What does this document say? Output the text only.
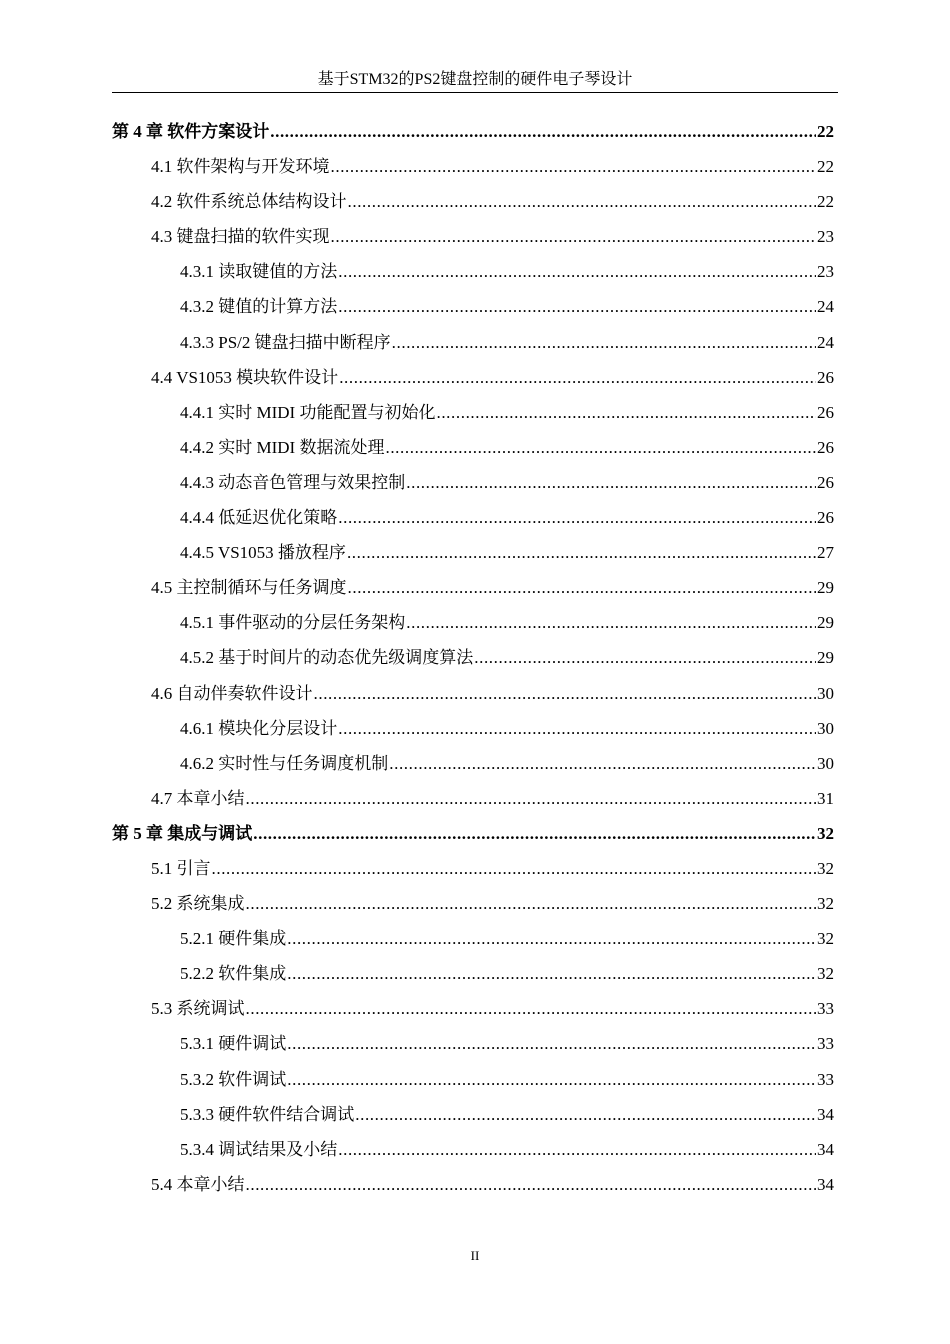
基于STM32的PS2键盘控制的硬件电子琴设计
第 4 章 软件方案设计 .....	22
4.1 软件架构与开发环境 .....	22
4.2 软件系统总体结构设计 .....	22
4.3 键盘扫描的软件实现 .....	23
4.3.1 读取键值的方法 .....	23
4.3.2 键值的计算方法 .....	24
4.3.3 PS/2 键盘扫描中断程序 .....	24
4.4 VS1053 模块软件设计 .....	26
4.4.1 实时 MIDI 功能配置与初始化 .....	26
4.4.2 实时 MIDI 数据流处理 .....	26
4.4.3 动态音色管理与效果控制 .....	26
4.4.4 低延迟优化策略 .....	26
4.4.5 VS1053 播放程序 .....	27
4.5 主控制循环与任务调度 .....	29
4.5.1 事件驱动的分层任务架构 .....	29
4.5.2 基于时间片的动态优先级调度算法 .....	29
4.6 自动伴奏软件设计 .....	30
4.6.1 模块化分层设计 .....	30
4.6.2 实时性与任务调度机制 .....	30
4.7 本章小结 .....	31
第 5 章 集成与调试 .....	32
5.1 引言 .....	32
5.2 系统集成 .....	32
5.2.1 硬件集成 .....	32
5.2.2 软件集成 .....	32
5.3 系统调试 .....	33
5.3.1 硬件调试 .....	33
5.3.2 软件调试 .....	33
5.3.3 硬件软件结合调试 .....	34
5.3.4 调试结果及小结 .....	34
5.4 本章小结 .....	34
II
